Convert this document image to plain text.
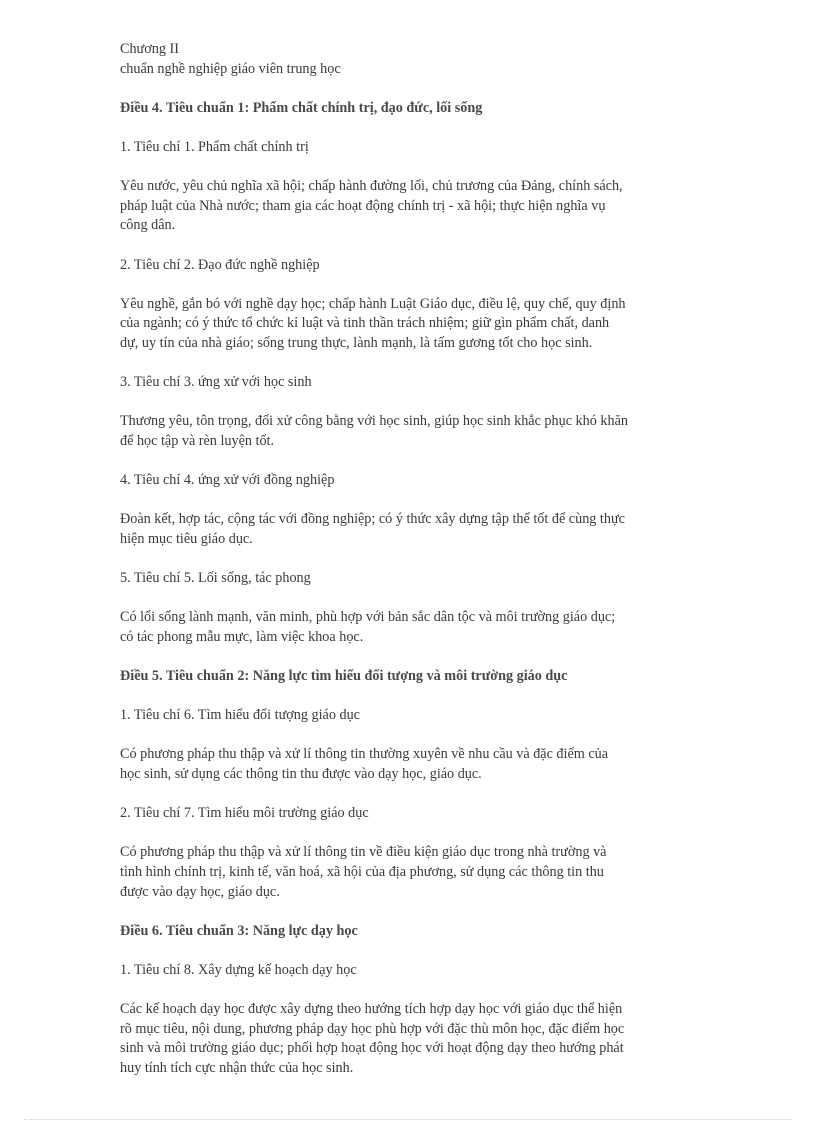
Chương II

chuẩn nghề nghiệp giáo viên trung học

Điều 4. Tiêu chuẩn 1: Phẩm chất chính trị, đạo đức, lối sống

1. Tiêu chí 1. Phẩm chất chính trị

Yêu nước, yêu chủ nghĩa xã hội; chấp hành đường lối, chủ trương của Đảng, chính sách,
pháp luật của Nhà nước; tham gia các hoạt động chính trị - xã hội; thực hiện nghĩa vụ
công dân.

2. Tiêu chí 2. Đạo đức nghề nghiệp

Yêu nghề, gắn bó với nghề dạy học; chấp hành Luật Giáo dục, điều lệ, quy chế, quy định
của ngành; có ý thức tổ chức kỉ luật và tinh thần trách nhiệm; giữ gìn phẩm chất, danh
dự, uy tín của nhà giáo; sống trung thực, lành mạnh, là tấm gương tốt cho học sinh.

3. Tiêu chí 3. ứng xử với học sinh

Thương yêu, tôn trọng, đối xử công bằng với học sinh, giúp học sinh khắc phục khó khăn
để học tập và rèn luyện tốt.

4. Tiêu chí 4. ứng xử với đồng nghiệp

Đoàn kết, hợp tác, cộng tác với đồng nghiệp; có ý thức xây dựng tập thể tốt để cùng thực
hiện mục tiêu giáo dục.

5. Tiêu chí 5. Lối sống, tác phong

Có lối sống lành mạnh, văn minh, phù hợp với bản sắc dân tộc và môi trường giáo dục;
có tác phong mẫu mực, làm việc khoa học.

Điều 5. Tiêu chuẩn 2: Năng lực tìm hiểu đối tượng và môi trường giáo dục

1. Tiêu chí 6. Tìm hiểu đối tượng giáo dục

Có phương pháp thu thập và xử lí thông tin thường xuyên về nhu cầu và đặc điểm của
học sinh, sử dụng các thông tin thu được vào dạy học, giáo dục.

2. Tiêu chí 7. Tìm hiểu môi trường giáo dục

Có phương pháp thu thập và xử lí thông tin về điều kiện giáo dục trong nhà trường và
tình hình chính trị, kinh tế, văn hoá, xã hội của địa phương, sử dụng các thông tin thu
được vào dạy học, giáo dục.

Điều 6. Tiêu chuẩn 3: Năng lực dạy học

1. Tiêu chí 8. Xây dựng kế hoạch dạy học

Các kế hoạch dạy học được xây dựng theo hướng tích hợp dạy học với giáo dục thể hiện
rõ mục tiêu, nội dung, phương pháp dạy học phù hợp với đặc thù môn học, đặc điểm học
sinh và môi trường giáo dục; phối hợp hoạt động học với hoạt động dạy theo hướng phát
huy tính tích cực nhận thức của học sinh.
